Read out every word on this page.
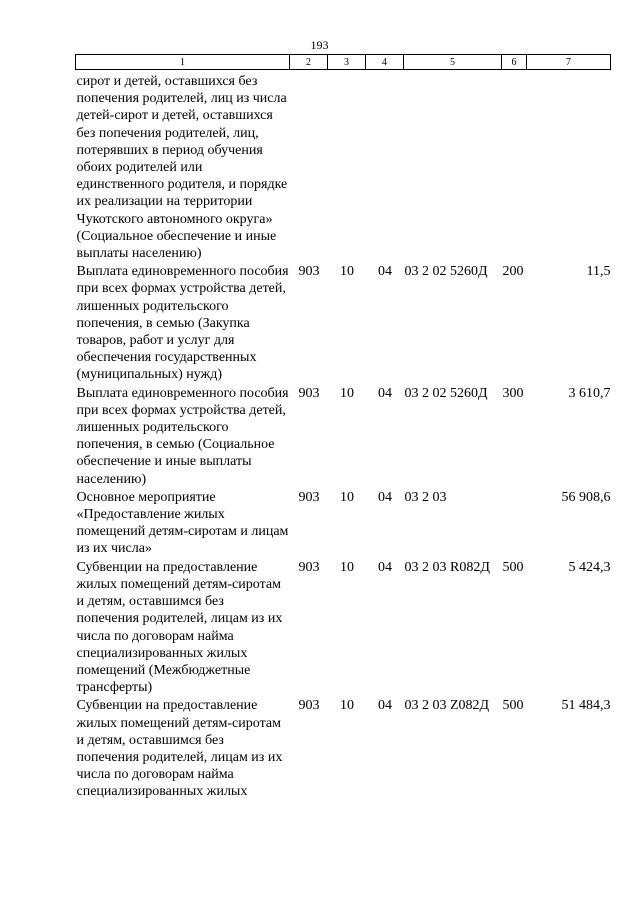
193
1	2	3	4	5	6	7
сирот и детей, оставшихся без попечения родителей, лиц из числа детей-сирот и детей, оставшихся без попечения родителей, лиц, потерявших в период обучения обоих родителей или единственного родителя, и порядке их реализации на территории Чукотского автономного округа» (Социальное обеспечение и иные выплаты населению)						
Выплата единовременного пособия при всех формах устройства детей, лишенных родительского попечения, в семью (Закупка товаров, работ и услуг для обеспечения государственных (муниципальных) нужд)	903	10	04	03 2 02 5260Д	200	11,5
Выплата единовременного пособия при всех формах устройства детей, лишенных родительского попечения, в семью (Социальное обеспечение и иные выплаты населению)	903	10	04	03 2 02 5260Д	300	3 610,7
Основное мероприятие «Предоставление жилых помещений детям-сиротам и лицам из их числа»	903	10	04	03 2 03		56 908,6
Субвенции на предоставление жилых помещений детям-сиротам и детям, оставшимся без попечения родителей, лицам из их числа по договорам найма специализированных жилых помещений (Межбюджетные трансферты)	903	10	04	03 2 03 R082Д	500	5 424,3
Субвенции на предоставление жилых помещений детям-сиротам и детям, оставшимся без попечения родителей, лицам из их числа по договорам найма специализированных жилых	903	10	04	03 2 03 Z082Д	500	51 484,3
